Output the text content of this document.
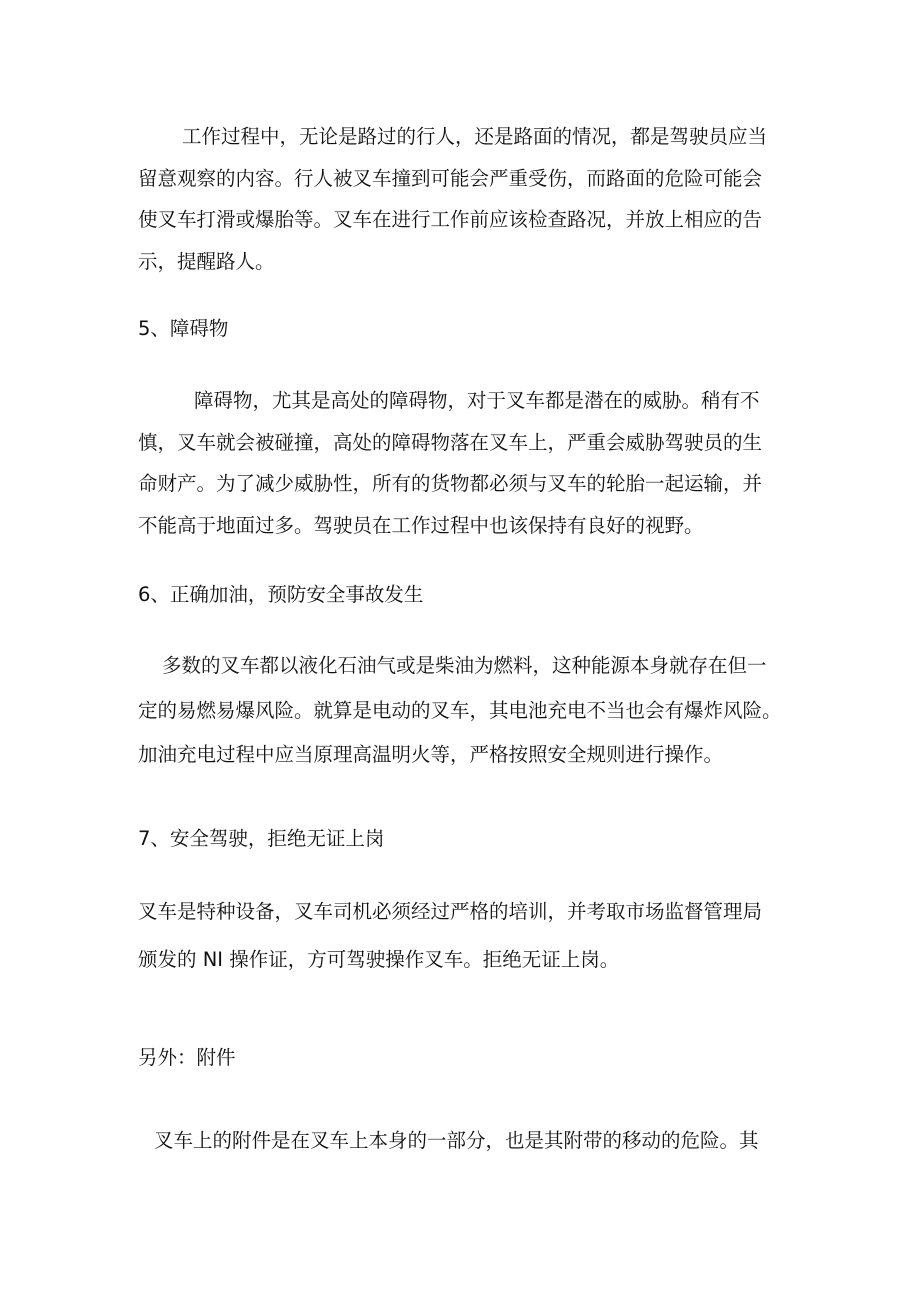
工作过程中，无论是路过的行人，还是路面的情况，都是驾驶员应当
留意观察的内容。行人被叉车撞到可能会严重受伤，而路面的危险可能会
使叉车打滑或爆胎等。叉车在进行工作前应该检查路况，并放上相应的告
示，提醒路人。

5、障碍物

障碍物，尤其是高处的障碍物，对于叉车都是潜在的威胁。稍有不
慎，叉车就会被碰撞，高处的障碍物落在叉车上，严重会威胁驾驶员的生
命财产。为了减少威胁性，所有的货物都必须与叉车的轮胎一起运输，并
不能高于地面过多。驾驶员在工作过程中也该保持有良好的视野。

6、正确加油，预防安全事故发生

多数的叉车都以液化石油气或是柴油为燃料，这种能源本身就存在但一
定的易燃易爆风险。就算是电动的叉车，其电池充电不当也会有爆炸风险。
加油充电过程中应当原理高温明火等，严格按照安全规则进行操作。

7、安全驾驶，拒绝无证上岗

叉车是特种设备，叉车司机必须经过严格的培训，并考取市场监督管理局
颁发的 NI 操作证，方可驾驶操作叉车。拒绝无证上岗。

另外：附件

叉车上的附件是在叉车上本身的一部分，也是其附带的移动的危险。其
